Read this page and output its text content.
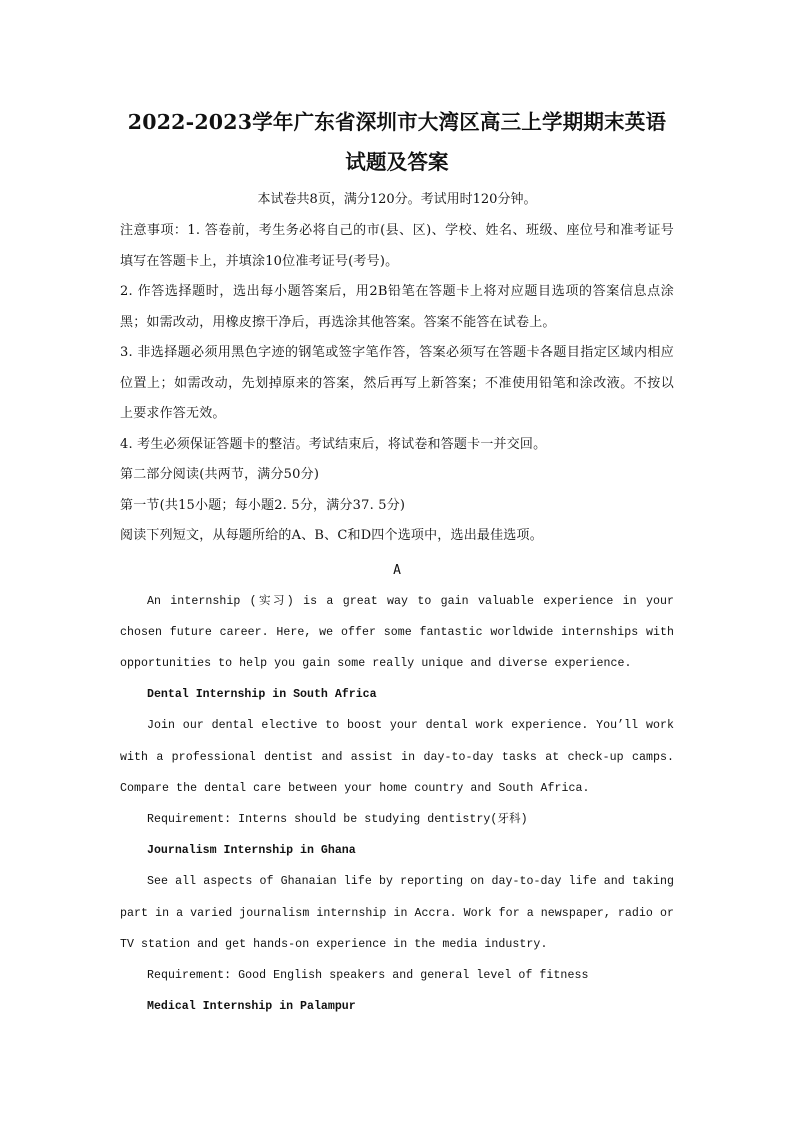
2022-2023学年广东省深圳市大湾区高三上学期期末英语试题及答案
本试卷共8页，满分120分。考试用时120分钟。

注意事项：1. 答卷前，考生务必将自己的市(县、区)、学校、姓名、班级、座位号和准考证号填写在答题卡上，并填涂10位准考证号(考号)。

2. 作答选择题时，选出每小题答案后，用2B铅笔在答题卡上将对应题目选项的答案信息点涂黑；如需改动，用橡皮擦干净后，再选涂其他答案。答案不能答在试卷上。

3. 非选择题必须用黑色字迹的钢笔或签字笔作答，答案必须写在答题卡各题目指定区域内相应位置上；如需改动，先划掉原来的答案，然后再写上新答案；不准使用铅笔和涂改液。不按以上要求作答无效。

4. 考生必须保证答题卡的整洁。考试结束后，将试卷和答题卡一并交回。

第二部分阅读(共两节，满分50分)

第一节(共15小题；每小题2. 5分，满分37. 5分)

阅读下列短文，从每题所给的A、B、C和D四个选项中，选出最佳选项。

A

An internship (实习) is a great way to gain valuable experience in your chosen future career. Here, we offer some fantastic worldwide internships with opportunities to help you gain some really unique and diverse experience.

Dental Internship in South Africa

Join our dental elective to boost your dental work experience. You’ll work with a professional dentist and assist in day-to-day tasks at check-up camps. Compare the dental care between your home country and South Africa.

Requirement: Interns should be studying dentistry(牙科)

Journalism Internship in Ghana

See all aspects of Ghanaian life by reporting on day-to-day life and taking part in a varied journalism internship in Accra. Work for a newspaper, radio or TV station and get hands-on experience in the media industry.

Requirement: Good English speakers and general level of fitness

Medical Internship in Palampur
